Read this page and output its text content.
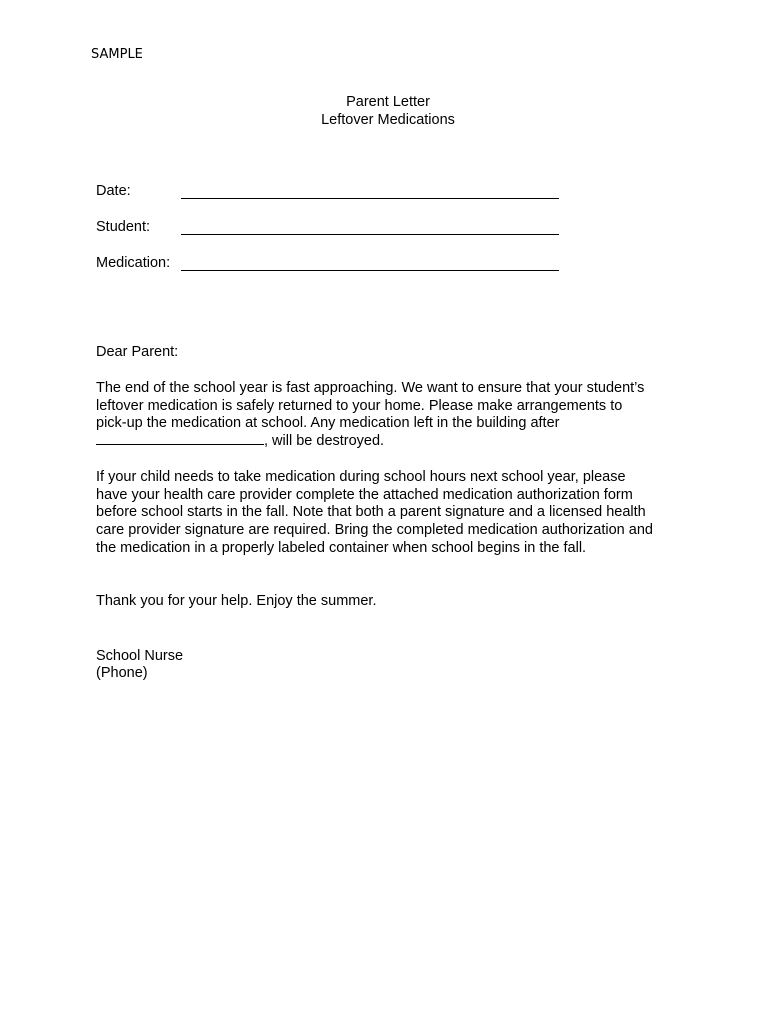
SAMPLE
Parent Letter
Leftover Medications
Date:
Student:
Medication:
Dear Parent:
The end of the school year is fast approaching. We want to ensure that your student’s
leftover medication is safely returned to your home. Please make arrangements to
pick-up the medication at school. Any medication left in the building after
, will be destroyed.
If your child needs to take medication during school hours next school year, please
have your health care provider complete the attached medication authorization form
before school starts in the fall. Note that both a parent signature and a licensed health
care provider signature are required. Bring the completed medication authorization and
the medication in a properly labeled container when school begins in the fall.
Thank you for your help. Enjoy the summer.
School Nurse
(Phone)
